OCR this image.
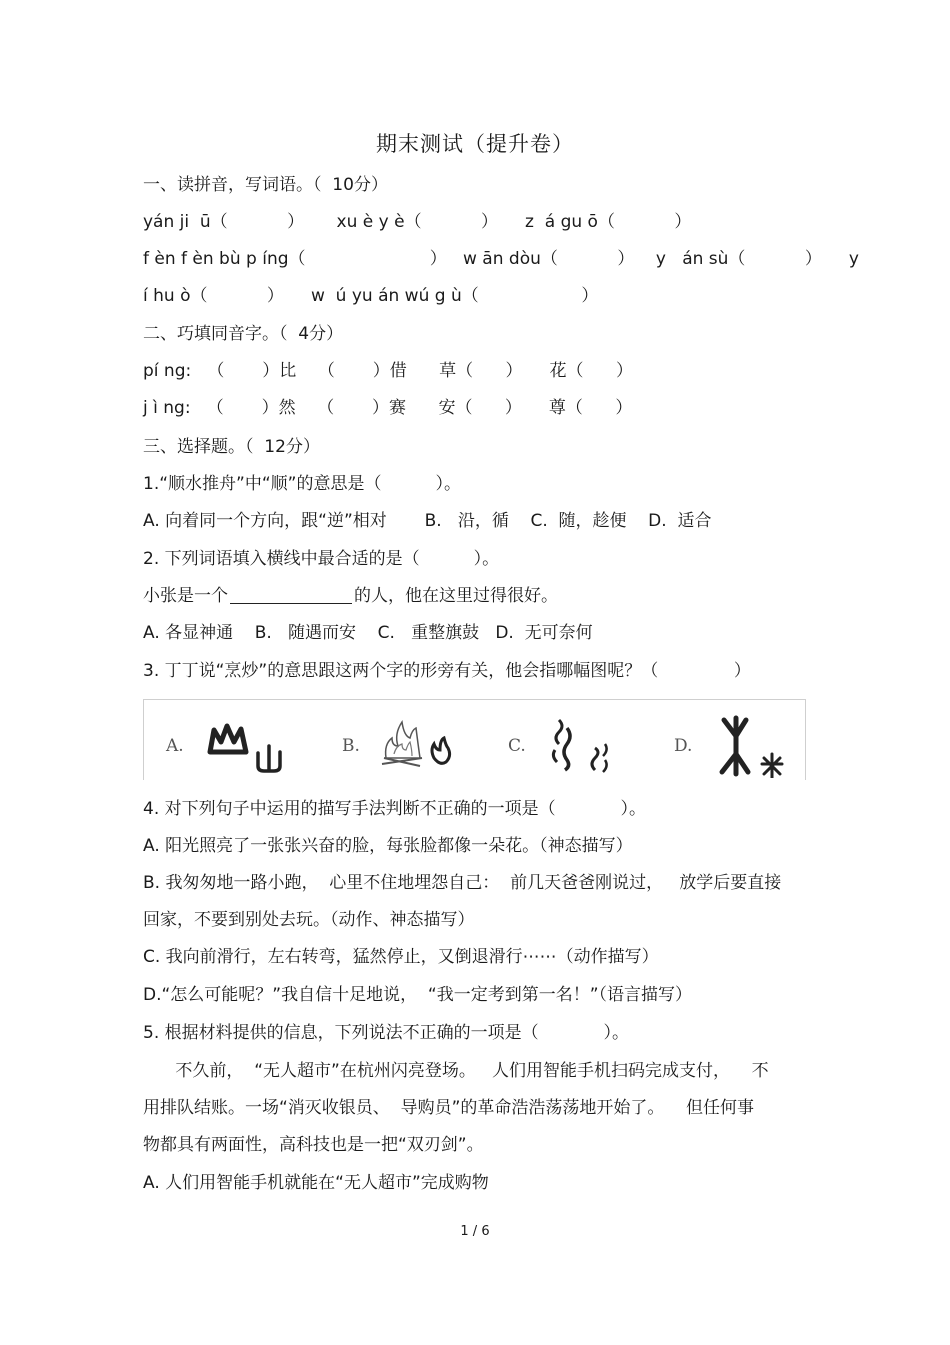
期末测试（提升卷）
一、读拼音，写词语。（  10分）
yán ji  ū（           ）      xu è y è（           ）     z  á gu ō（           ）
f èn f èn bù p íng（                       ）   w ān dòu（           ）    y   án sù（           ）     y
í hu ò（           ）     w  ú yu án wú g ù（                   ）
二、巧填同音字。（  4分）
pí ng:   （       ）比    （       ）借      草（      ）     花（      ）
j ì ng:   （       ）然    （       ）赛      安（      ）     尊（      ）
三、选择题。（  12分）
1.“顺水推舟”中“顺”的意思是（          ）。
A. 向着同一个方向，跟“逆”相对       B.   沿，循    C.  随，趁便    D.  适合
2. 下列词语填入横线中最合适的是（          ）。
小张是一个	的人，他在这里过得很好。
A. 各显神通    B.   随遇而安    C.   重整旗鼓   D.  无可奈何
3. 丁丁说“烹炒”的意思跟这两个字的形旁有关，他会指哪幅图呢？（              ）
A.	B.	C.	D.
4. 对下列句子中运用的描写手法判断不正确的一项是（            ）。
A. 阳光照亮了一张张兴奋的脸，每张脸都像一朵花。（神态描写）
B. 我匆匆地一路小跑，  心里不住地埋怨自己：  前几天爸爸刚说过，   放学后要直接
回家，不要到别处去玩。（动作、神态描写）
C. 我向前滑行，左右转弯，猛然停止，又倒退滑行⋯⋯（动作描写）
D.“怎么可能呢？”我自信十足地说，  “我一定考到第一名！”（语言描写）
5. 根据材料提供的信息，下列说法不正确的一项是（            ）。
不久前，  “无人超市”在杭州闪亮登场。   人们用智能手机扫码完成支付，    不
用排队结账。一场“消灭收银员、  导购员”的革命浩浩荡荡地开始了。    但任何事
物都具有两面性，高科技也是一把“双刃剑”。
A. 人们用智能手机就能在“无人超市”完成购物
1 / 6
